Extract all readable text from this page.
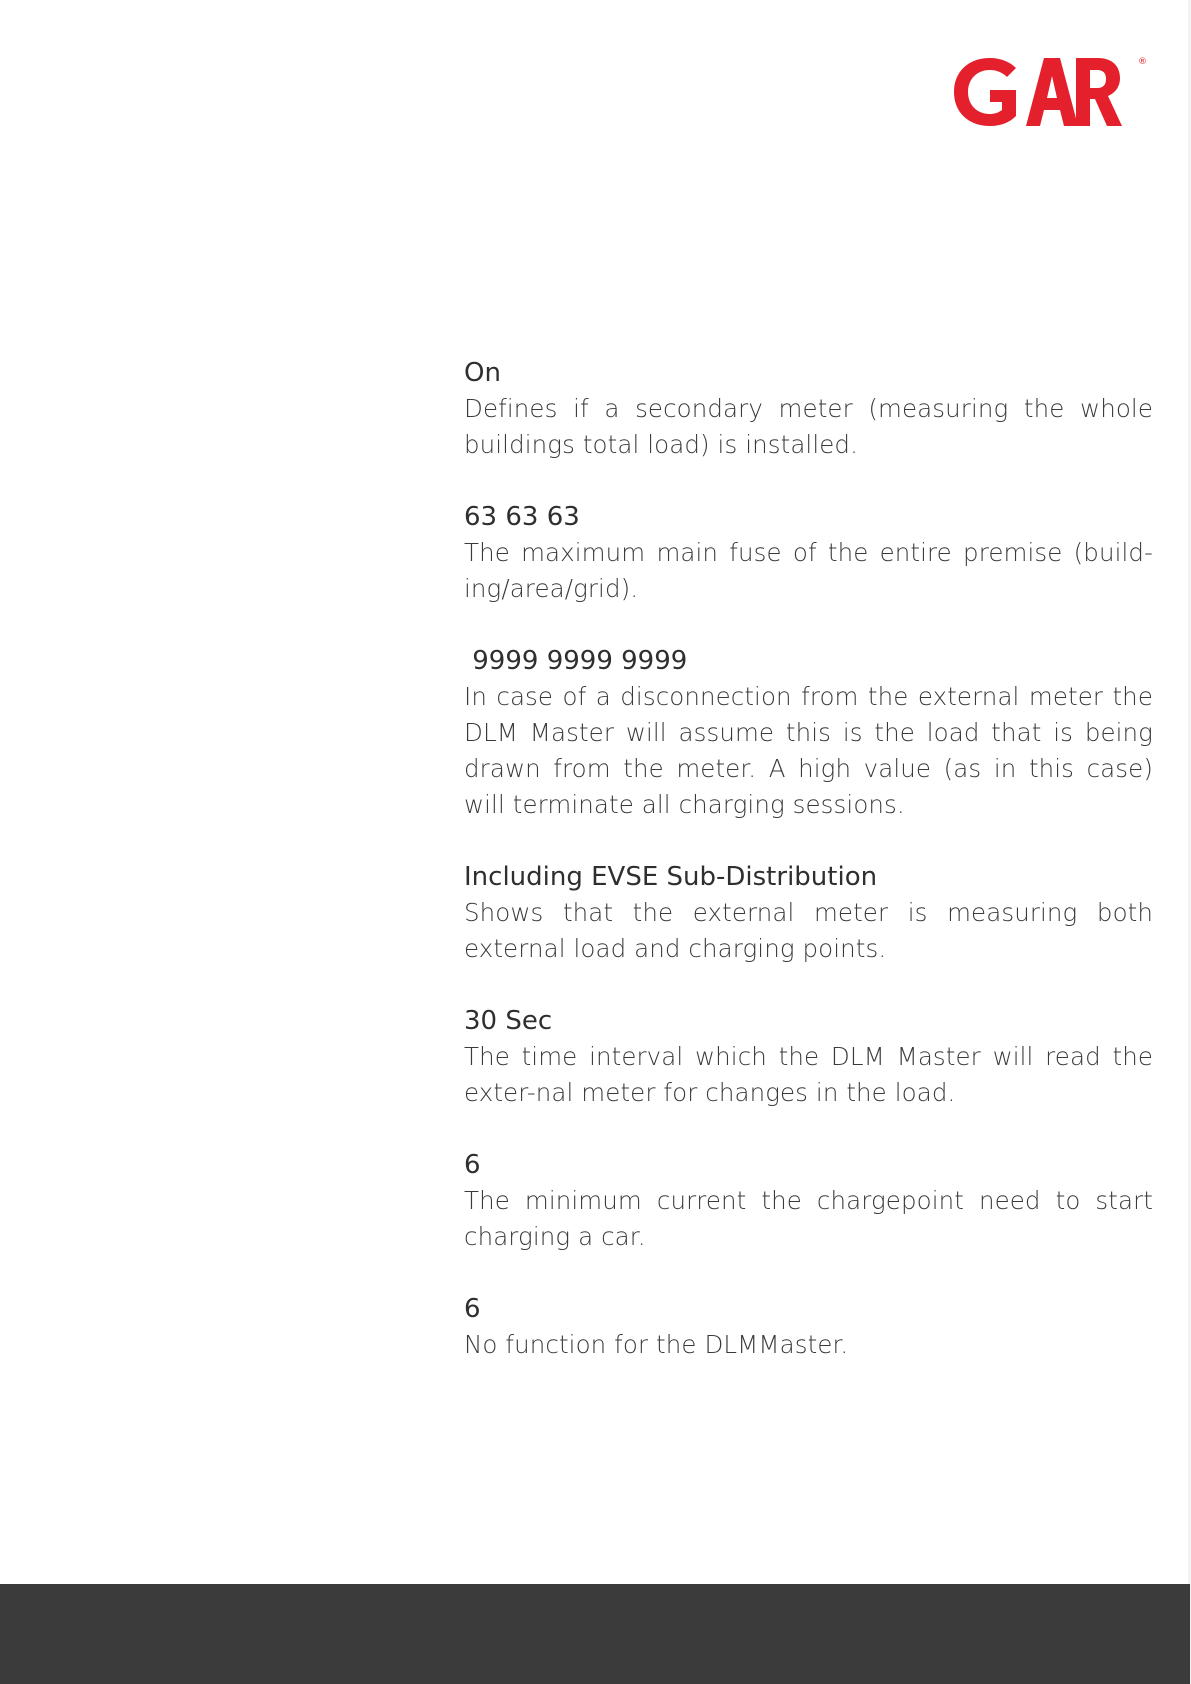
®
On
Defines if a secondary meter (measuring the whole buildings total load) is installed.
63 63 63
The maximum main fuse of the entire premise (build-ing/area/grid).
9999 9999 9999
In case of a disconnection from the external meter the DLM Master will assume this is the load that is being drawn from the meter. A high value (as in this case) will terminate all charging sessions.
Including EVSE Sub-Distribution
Shows that the external meter is measuring both external load and charging points.
30 Sec
The time interval which the DLM Master will read the exter-nal meter for changes in the load.
6
The minimum current the chargepoint need to start charging a car.
6
No function for the DLMMaster.
